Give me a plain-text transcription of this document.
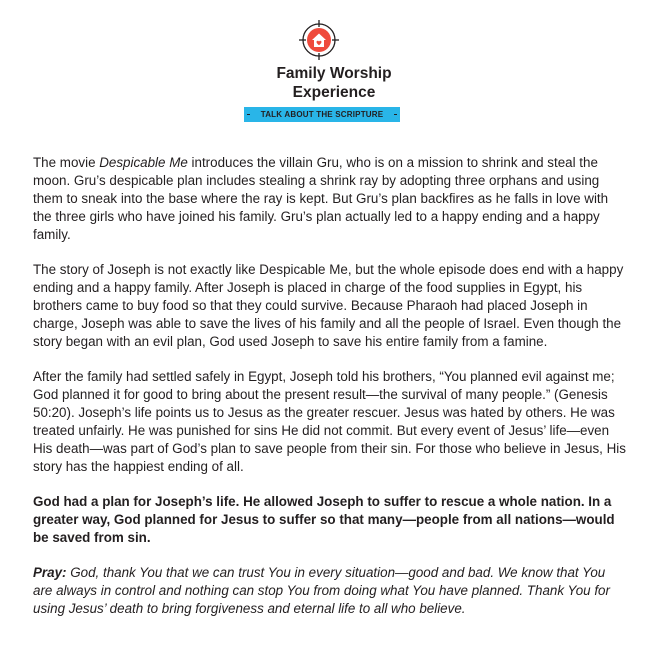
Family Worship
Experience
TALK ABOUT THE SCRIPTURE

The movie Despicable Me introduces the villain Gru, who is on a mission to shrink and steal the moon. Gru’s despicable plan includes stealing a shrink ray by adopting three orphans and using them to sneak into the base where the ray is kept. But Gru’s plan backfires as he falls in love with the three girls who have joined his family. Gru’s plan actually led to a happy ending and a happy family.

The story of Joseph is not exactly like Despicable Me, but the whole episode does end with a happy ending and a happy family. After Joseph is placed in charge of the food supplies in Egypt, his brothers came to buy food so that they could survive. Because Pharaoh had placed Joseph in charge, Joseph was able to save the lives of his family and all the people of Israel. Even though the story began with an evil plan, God used Joseph to save his entire family from a famine.

After the family had settled safely in Egypt, Joseph told his brothers, “You planned evil against me; God planned it for good to bring about the present result—the survival of many people.” (Genesis 50:20). Joseph’s life points us to Jesus as the greater rescuer. Jesus was hated by others. He was treated unfairly. He was punished for sins He did not commit. But every event of Jesus’ life—even His death—was part of God’s plan to save people from their sin. For those who believe in Jesus, His story has the happiest ending of all.

God had a plan for Joseph’s life. He allowed Joseph to suffer to rescue a whole nation. In a greater way, God planned for Jesus to suffer so that many—people from all nations—would be saved from sin.

Pray: God, thank You that we can trust You in every situation—good and bad. We know that You are always in control and nothing can stop You from doing what You have planned. Thank You for using Jesus’ death to bring forgiveness and eternal life to all who believe.
